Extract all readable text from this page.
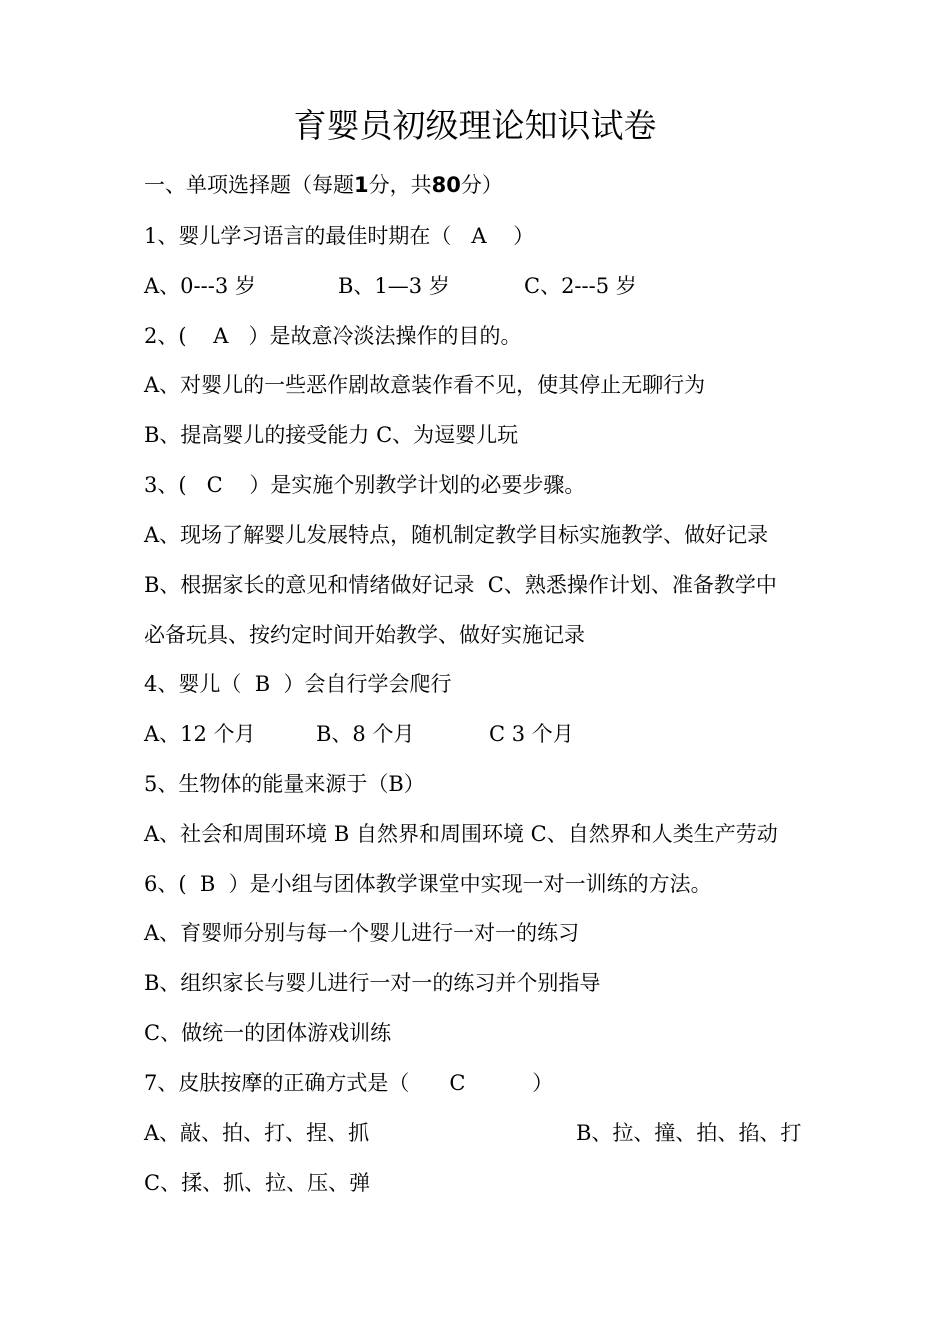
育婴员初级理论知识试卷
一、单项选择题（每题1分，共80分）
1、婴儿学习语言的最佳时期在（   A    ）
A、0---3 岁	B、1—3 岁	C、2---5 岁
2、(    A   ）是故意冷淡法操作的目的。
A、对婴儿的一些恶作剧故意装作看不见，使其停止无聊行为
B、提高婴儿的接受能力 C、为逗婴儿玩
3、(   C    ）是实施个别教学计划的必要步骤。
A、现场了解婴儿发展特点，随机制定教学目标实施教学、做好记录
B、根据家长的意见和情绪做好记录  C、熟悉操作计划、准备教学中
必备玩具、按约定时间开始教学、做好实施记录
4、婴儿（  B  ）会自行学会爬行
A、12 个月	B、8 个月	C 3 个月
5、生物体的能量来源于（B）
A、社会和周围环境 B 自然界和周围环境 C、自然界和人类生产劳动
6、(  B  ）是小组与团体教学课堂中实现一对一训练的方法。
A、育婴师分别与每一个婴儿进行一对一的练习
B、组织家长与婴儿进行一对一的练习并个别指导
C、做统一的团体游戏训练
7、皮肤按摩的正确方式是（      C          ）
A、敲、拍、打、捏、抓	B、拉、撞、拍、掐、打
C、揉、抓、拉、压、弹
